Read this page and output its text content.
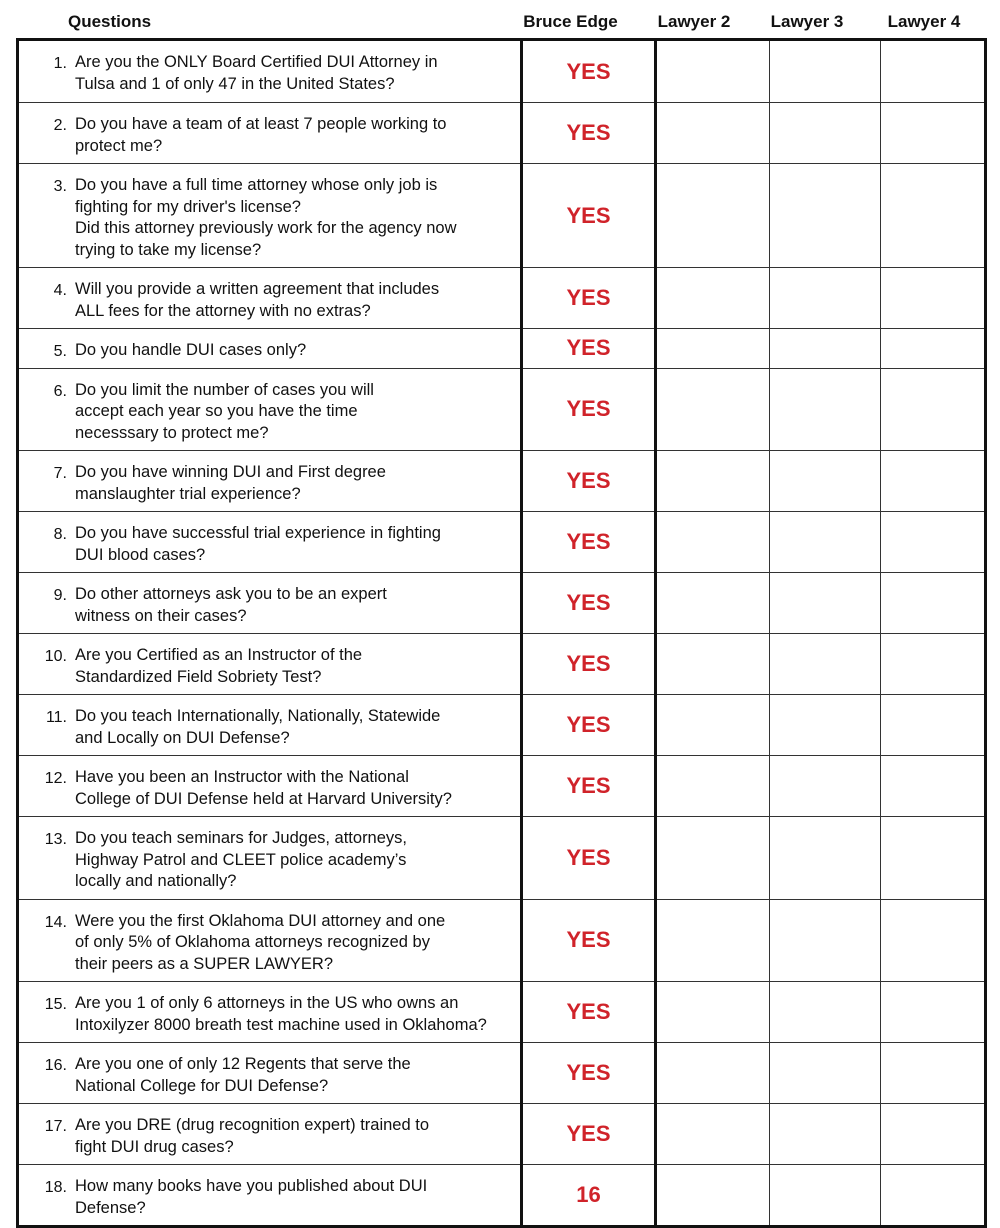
Questions	Bruce Edge	Lawyer 2	Lawyer 3	Lawyer 4
1.	Are you the ONLY Board Certified DUI Attorney in
Tulsa and 1 of only 47 in the United States?	YES			
2.	Do you have a team of at least 7 people working to
protect me?	YES			
3.	Do you have a full time attorney whose only job is
fighting for my driver's license?
Did this attorney previously work for the agency now
trying to take my license?	YES			
4.	Will you provide a written agreement that includes
ALL fees for the attorney with no extras?	YES			
5.	Do you handle DUI cases only?	YES			
6.	Do you limit the number of cases you will
accept each year so you have the time
necesssary to protect me?	YES			
7.	Do you have winning DUI and First degree
manslaughter trial experience?	YES			
8.	Do you have successful trial experience in fighting
DUI blood cases?	YES			
9.	Do other attorneys ask you to be an expert
witness on their cases?	YES			
10.	Are you Certified as an Instructor of the
Standardized Field Sobriety Test?	YES			
11.	Do you teach Internationally, Nationally, Statewide
and Locally on DUI Defense?	YES			
12.	Have you been an Instructor with the National
College of DUI Defense held at Harvard University?	YES			
13.	Do you teach seminars for Judges, attorneys,
Highway Patrol and CLEET police academy’s
locally and nationally?	YES			
14.	Were you the first Oklahoma DUI attorney and one
of only 5% of Oklahoma attorneys recognized by
their peers as a SUPER LAWYER?	YES			
15.	Are you 1 of only 6 attorneys in the US who owns an
Intoxilyzer 8000 breath test machine used in Oklahoma?	YES			
16.	Are you one of only 12 Regents that serve the
National College for DUI Defense?	YES			
17.	Are you DRE (drug recognition expert) trained to
fight DUI drug cases?	YES			
18.	How many books have you published about DUI
Defense?	16			
